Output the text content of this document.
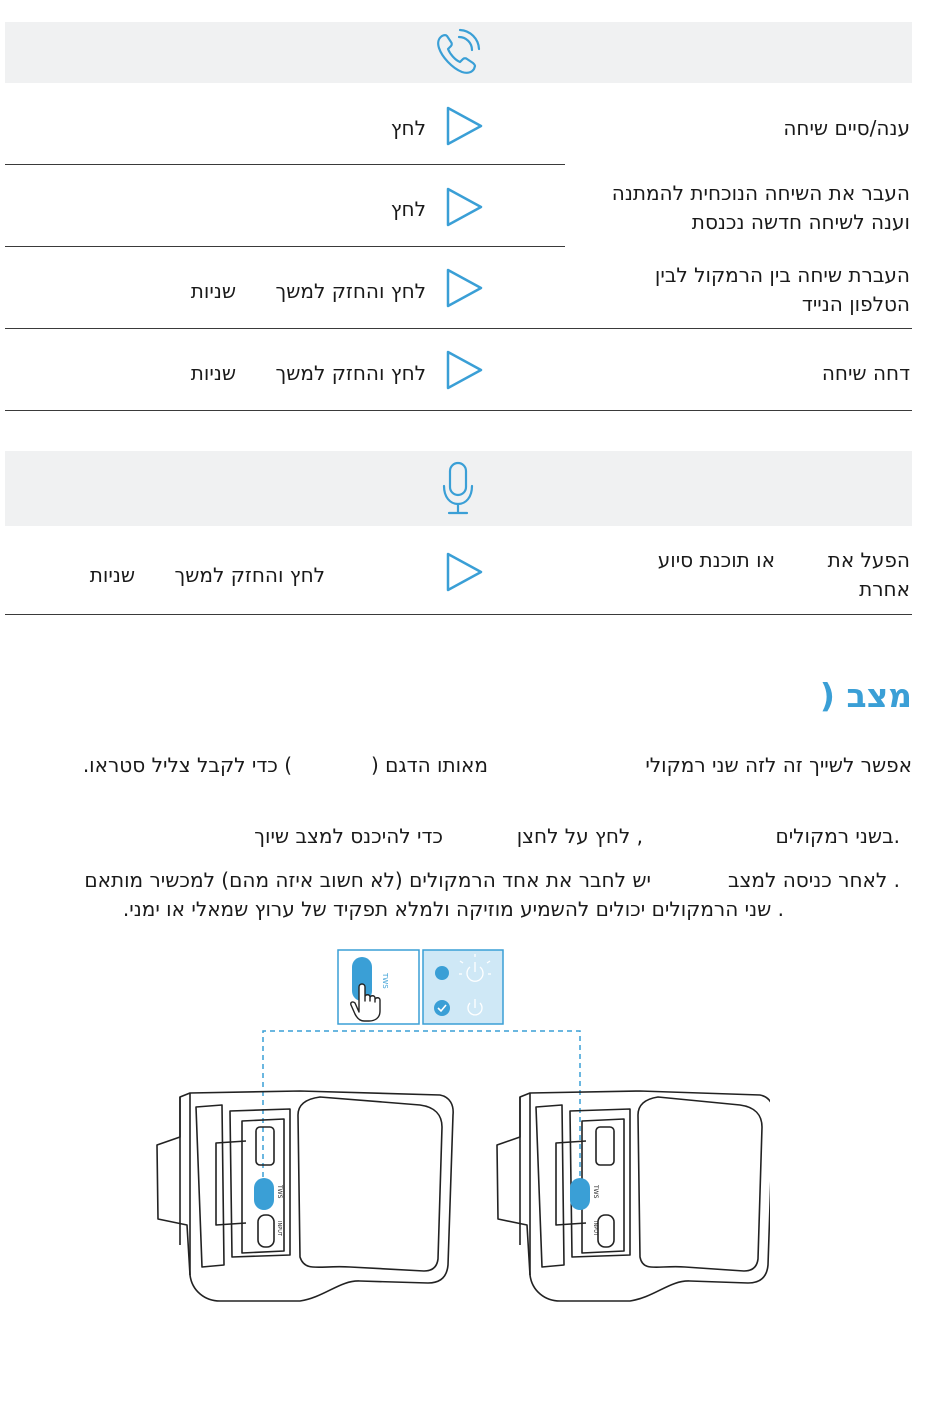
ענה/סיים שיחה
לחץ
העבר את השיחה הנוכחית להמתנה
וענה לשיחה חדשה נכנסת
לחץ
העברת שיחה בין הרמקול לבין
הטלפון הנייד
לחץ והחזק למשך
שניות
דחה שיחה
לחץ והחזק למשך
שניות
הפעל את
או תוכנת סיוע
אחרת
לחץ והחזק למשך
שניות
מצב (
אפשר לשייך זה לזה שני רמקולי
מאותו הדגם (
) כדי לקבל צליל סטראו.
.בשני רמקולים
, לחץ על לחצן
כדי להיכנס למצב שיוך
. לאחר כניסה למצב
יש לחבר את אחד הרמקולים (לא חשוב איזה מהם) למכשיר מותאם
. שני הרמקולים יכולים להשמיע מוזיקה ולמלא תפקיד של ערוץ שמאלי או ימני.
TWS
TWS
INPUT
TWS
INPUT
